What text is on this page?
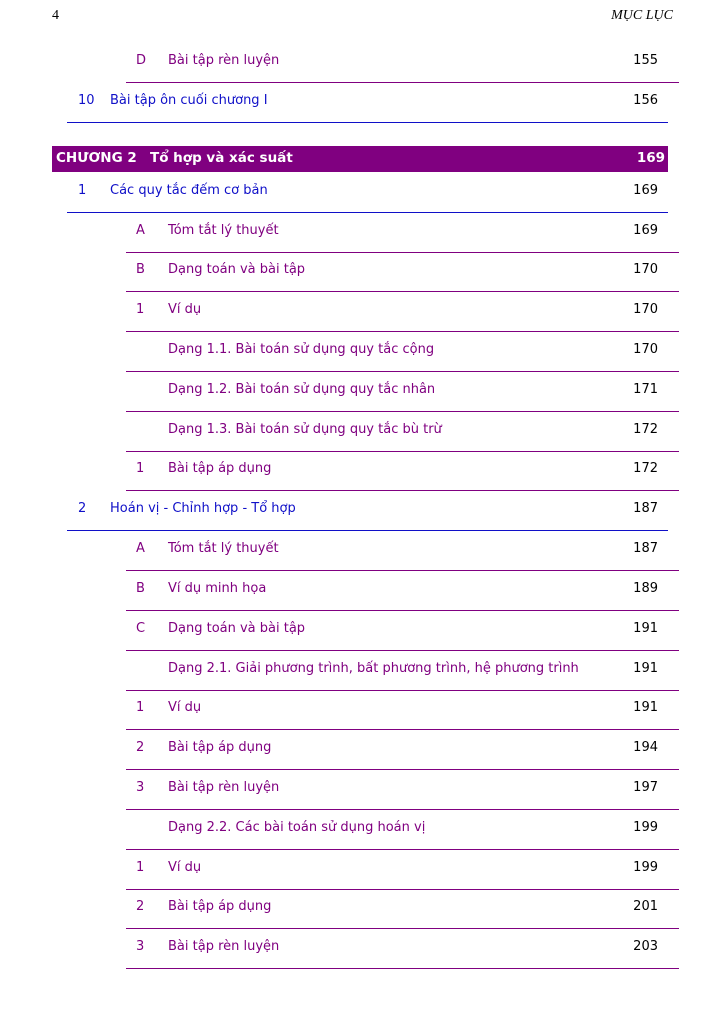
4	MỤC LỤC
D Bài tập rèn luyện	155
10 Bài tập ôn cuối chương I	156
CHƯƠNG 2 Tổ hợp và xác suất	169
1 Các quy tắc đếm cơ bản	169
A Tóm tắt lý thuyết	169
B Dạng toán và bài tập	170
1 Ví dụ	170
Dạng 1.1. Bài toán sử dụng quy tắc cộng	170
Dạng 1.2. Bài toán sử dụng quy tắc nhân	171
Dạng 1.3. Bài toán sử dụng quy tắc bù trừ	172
1 Bài tập áp dụng	172
2 Hoán vị - Chỉnh hợp - Tổ hợp	187
A Tóm tắt lý thuyết	187
B Ví dụ minh họa	189
C Dạng toán và bài tập	191
Dạng 2.1. Giải phương trình, bất phương trình, hệ phương trình	191
1 Ví dụ	191
2 Bài tập áp dụng	194
3 Bài tập rèn luyện	197
Dạng 2.2. Các bài toán sử dụng hoán vị	199
1 Ví dụ	199
2 Bài tập áp dụng	201
3 Bài tập rèn luyện	203
